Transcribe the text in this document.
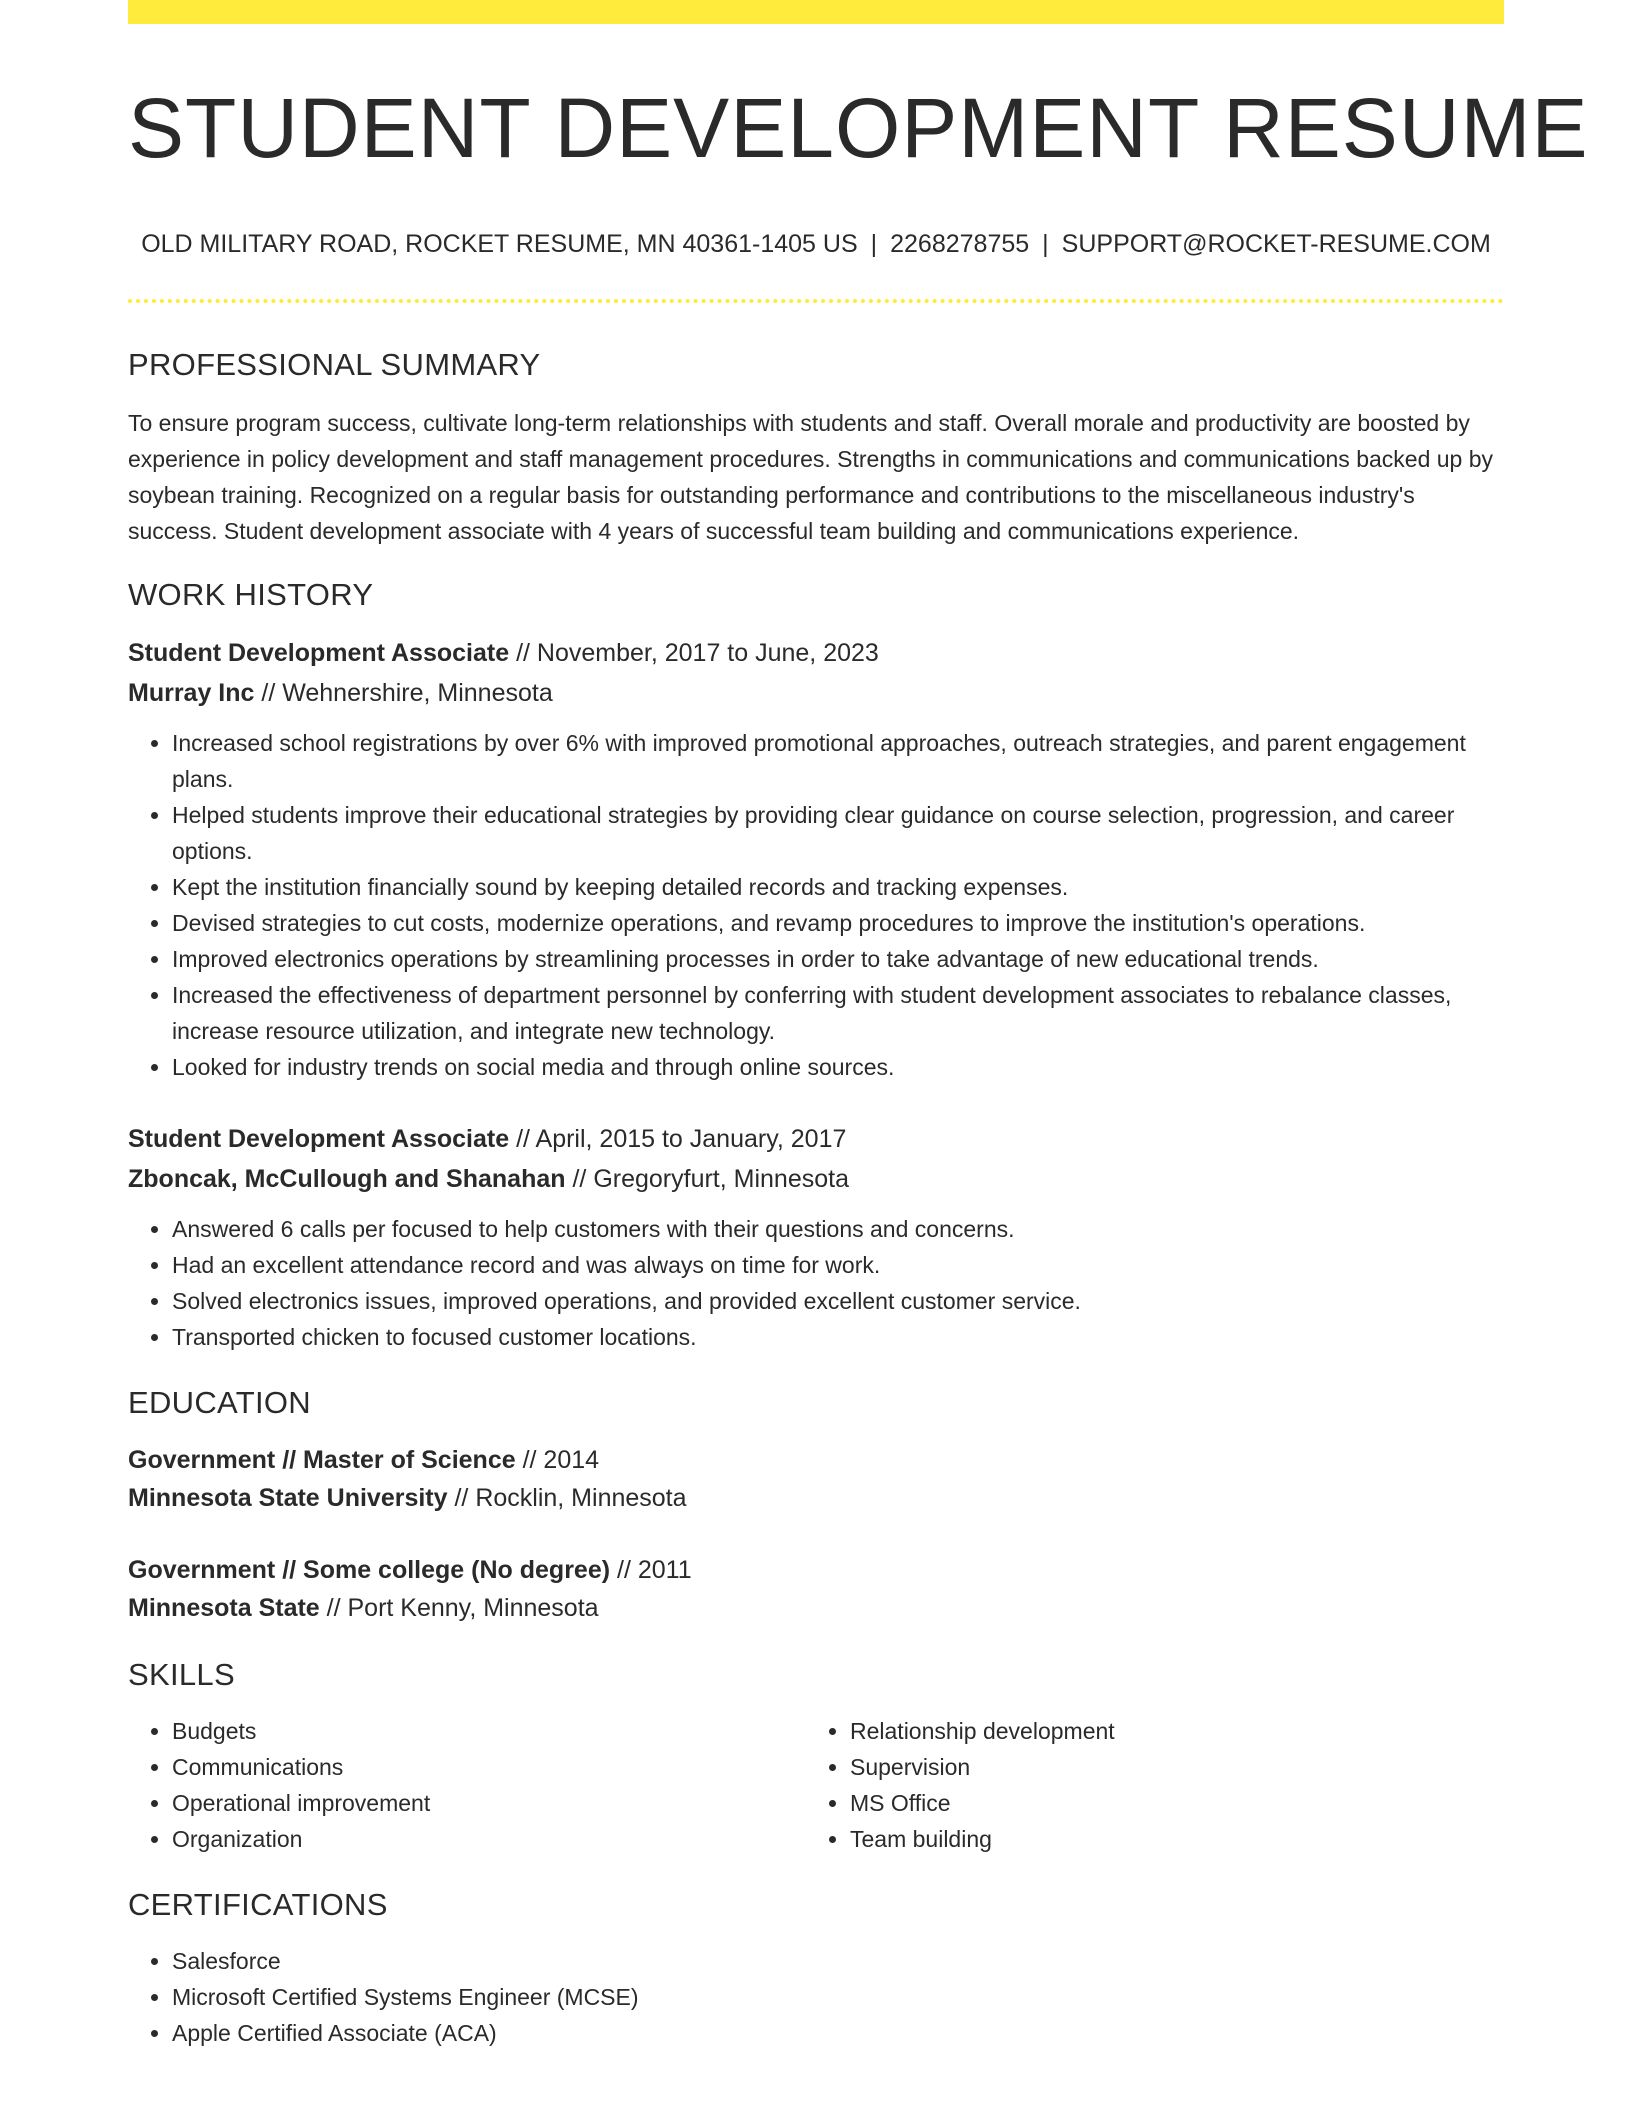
STUDENT DEVELOPMENT RESUME
OLD MILITARY ROAD, ROCKET RESUME, MN 40361-1405 US | 2268278755 | SUPPORT@ROCKET-RESUME.COM
PROFESSIONAL SUMMARY
To ensure program success, cultivate long-term relationships with students and staff. Overall morale and productivity are boosted by experience in policy development and staff management procedures. Strengths in communications and communications backed up by soybean training. Recognized on a regular basis for outstanding performance and contributions to the miscellaneous industry's success. Student development associate with 4 years of successful team building and communications experience.
WORK HISTORY
Student Development Associate // November, 2017 to June, 2023
Murray Inc // Wehnershire, Minnesota
• Increased school registrations by over 6% with improved promotional approaches, outreach strategies, and parent engagement plans.
• Helped students improve their educational strategies by providing clear guidance on course selection, progression, and career options.
• Kept the institution financially sound by keeping detailed records and tracking expenses.
• Devised strategies to cut costs, modernize operations, and revamp procedures to improve the institution's operations.
• Improved electronics operations by streamlining processes in order to take advantage of new educational trends.
• Increased the effectiveness of department personnel by conferring with student development associates to rebalance classes, increase resource utilization, and integrate new technology.
• Looked for industry trends on social media and through online sources.
Student Development Associate // April, 2015 to January, 2017
Zboncak, McCullough and Shanahan // Gregoryfurt, Minnesota
• Answered 6 calls per focused to help customers with their questions and concerns.
• Had an excellent attendance record and was always on time for work.
• Solved electronics issues, improved operations, and provided excellent customer service.
• Transported chicken to focused customer locations.
EDUCATION
Government // Master of Science // 2014
Minnesota State University // Rocklin, Minnesota
Government // Some college (No degree) // 2011
Minnesota State // Port Kenny, Minnesota
SKILLS
• Budgets
• Communications
• Operational improvement
• Organization
• Relationship development
• Supervision
• MS Office
• Team building
CERTIFICATIONS
• Salesforce
• Microsoft Certified Systems Engineer (MCSE)
• Apple Certified Associate (ACA)
